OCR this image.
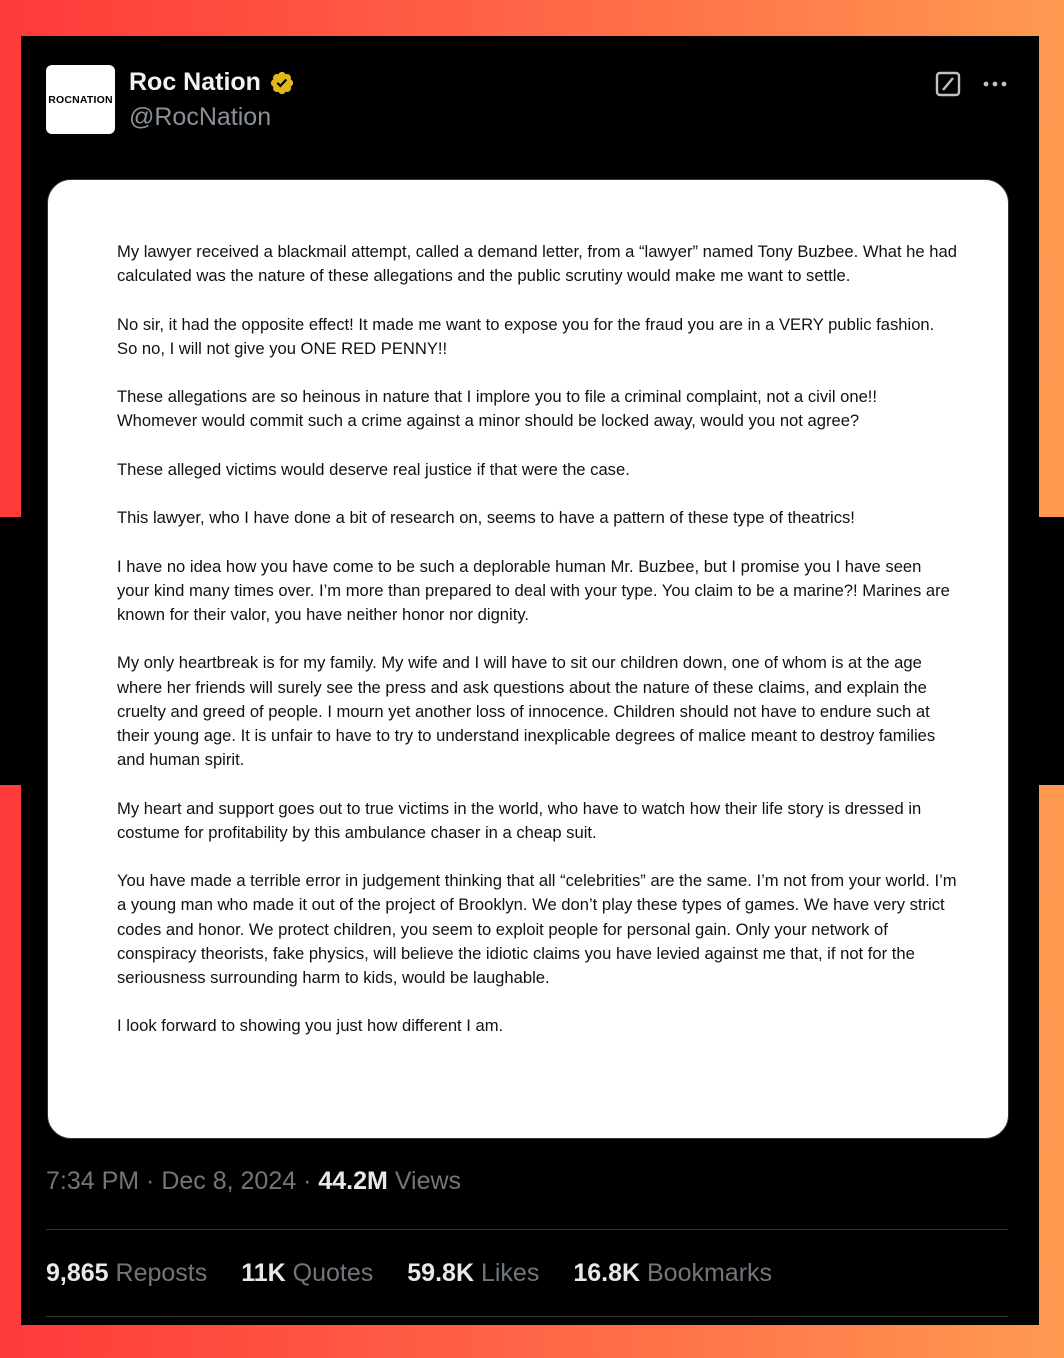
ROCNATION
Roc Nation
@RocNation

My lawyer received a blackmail attempt, called a demand letter, from a “lawyer” named Tony Buzbee. What he had calculated was the nature of these allegations and the public scrutiny would make me want to settle.

No sir, it had the opposite effect! It made me want to expose you for the fraud you are in a VERY public fashion. So no, I will not give you ONE RED PENNY!!

These allegations are so heinous in nature that I implore you to file a criminal complaint, not a civil one!! Whomever would commit such a crime against a minor should be locked away, would you not agree?

These alleged victims would deserve real justice if that were the case.

This lawyer, who I have done a bit of research on, seems to have a pattern of these type of theatrics!

I have no idea how you have come to be such a deplorable human Mr. Buzbee, but I promise you I have seen your kind many times over. I’m more than prepared to deal with your type. You claim to be a marine?! Marines are known for their valor, you have neither honor nor dignity.

My only heartbreak is for my family. My wife and I will have to sit our children down, one of whom is at the age where her friends will surely see the press and ask questions about the nature of these claims, and explain the cruelty and greed of people. I mourn yet another loss of innocence. Children should not have to endure such at their young age. It is unfair to have to try to understand inexplicable degrees of malice meant to destroy families and human spirit.

My heart and support goes out to true victims in the world, who have to watch how their life story is dressed in costume for profitability by this ambulance chaser in a cheap suit.

You have made a terrible error in judgement thinking that all “celebrities” are the same. I’m not from your world. I’m a young man who made it out of the project of Brooklyn. We don’t play these types of games. We have very strict codes and honor. We protect children, you seem to exploit people for personal gain. Only your network of conspiracy theorists, fake physics, will believe the idiotic claims you have levied against me that, if not for the seriousness surrounding harm to kids, would be laughable.

I look forward to showing you just how different I am.

7:34 PM · Dec 8, 2024 · 44.2M Views
9,865 Reposts 11K Quotes 59.8K Likes 16.8K Bookmarks
